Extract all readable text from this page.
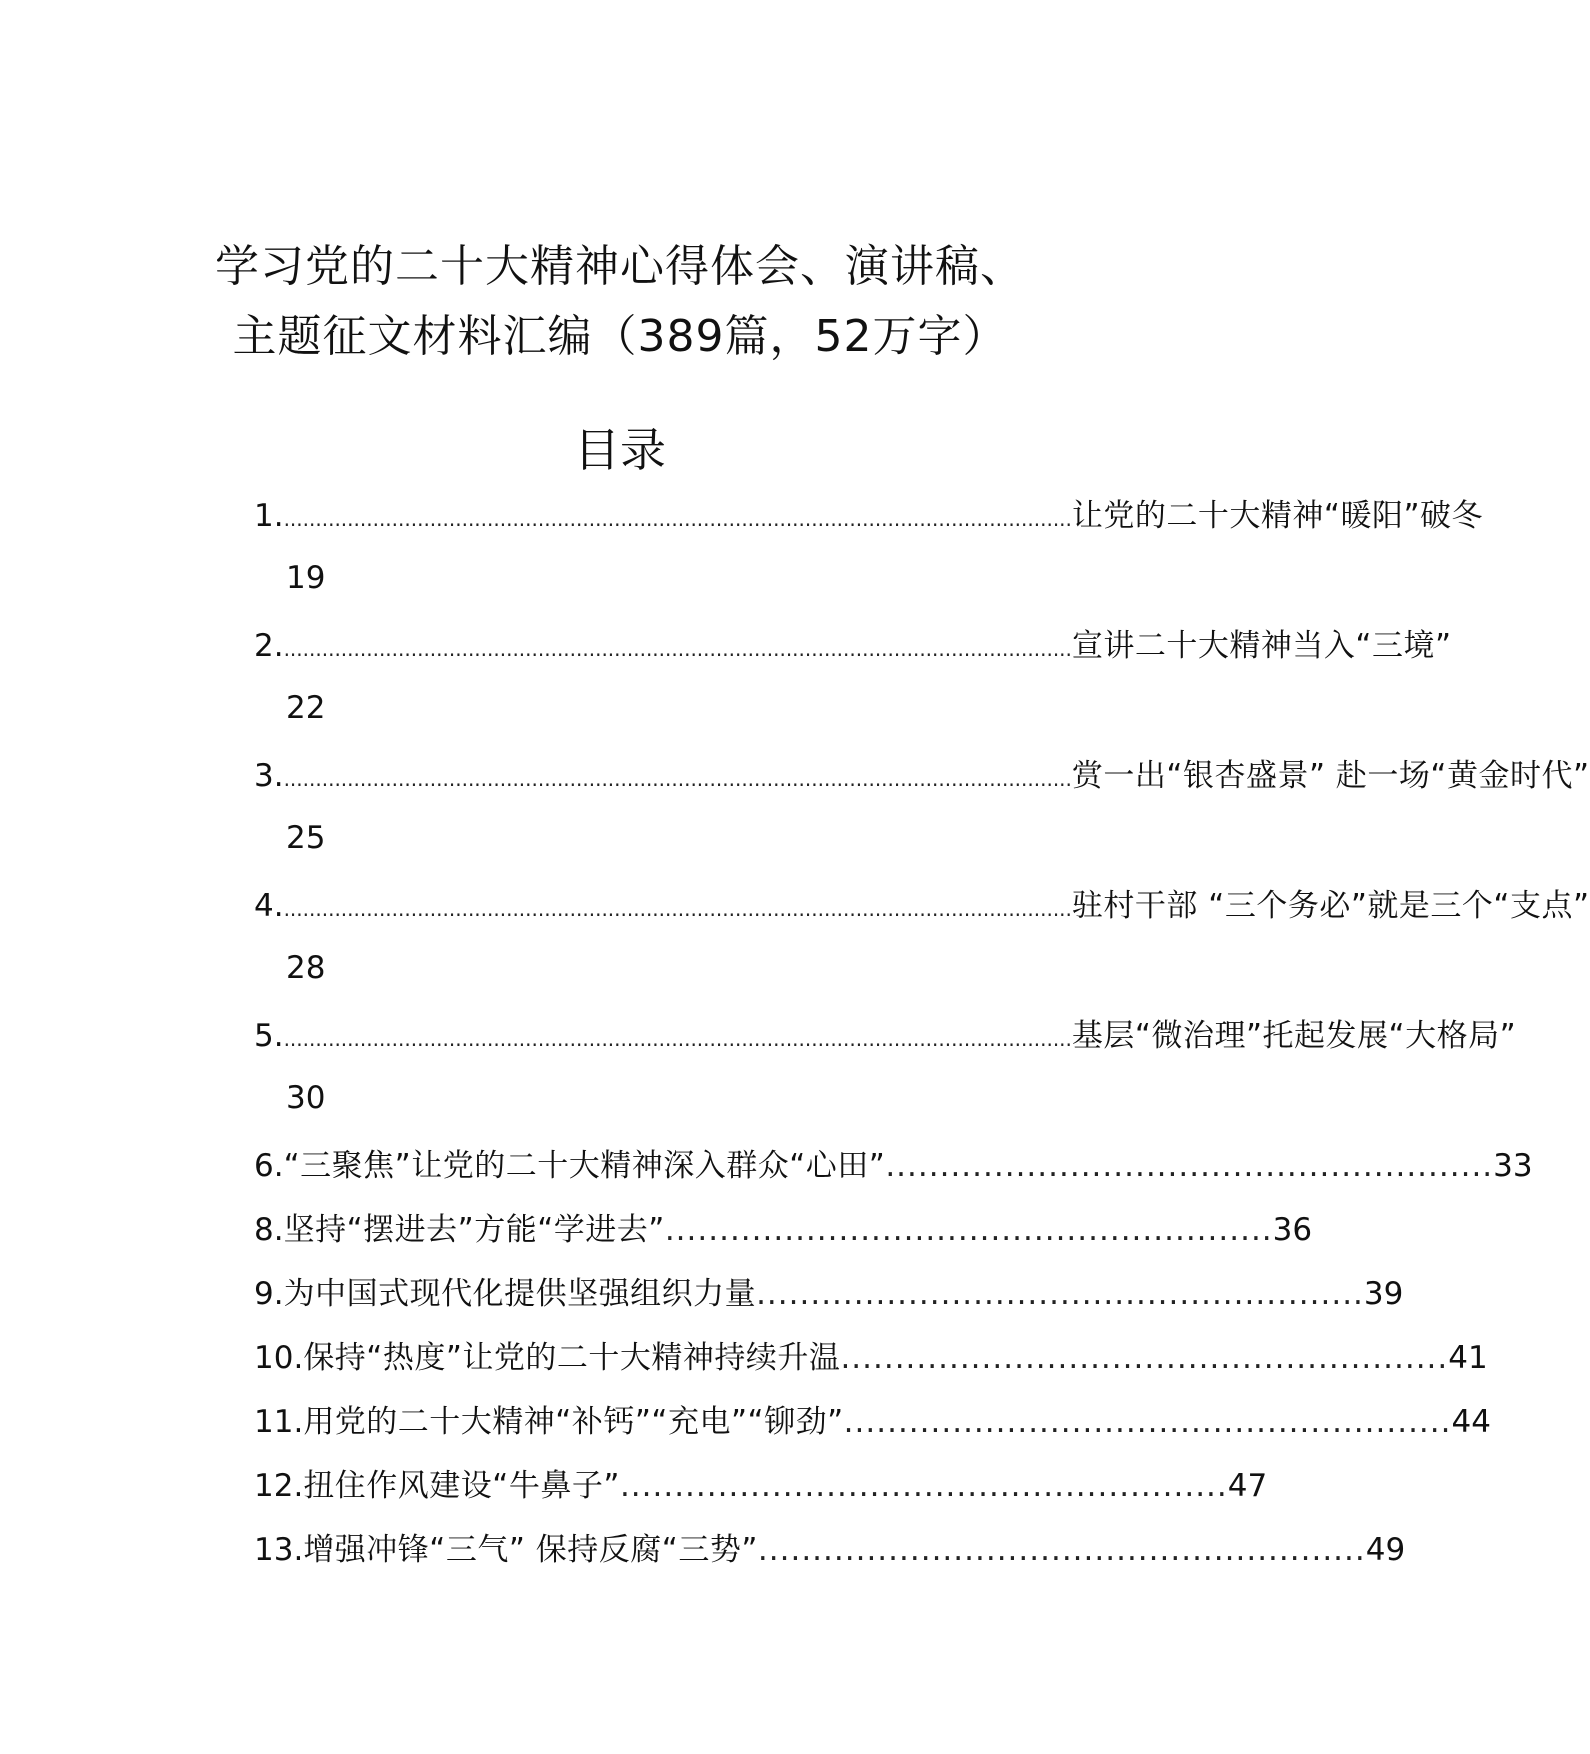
学习党的二十大精神心得体会、演讲稿、
主题征文材料汇编（389篇，52万字）
目录
1. ............................................................................................................................ 让党的二十大精神“暖阳”破冬
19
2. ............................................................................................................................ 宣讲二十大精神当入“三境”
22
3. ............................................................................................................................ 赏一出“银杏盛景” 赴一场“黄金时代”
25
4. ............................................................................................................................ 驻村干部 “三个务必”就是三个“支点”
28
5. ............................................................................................................................ 基层“微治理”托起发展“大格局”
30
6. “三聚焦”让党的二十大精神深入群众“心田” ........................................................ 33
8. 坚持“摆进去”方能“学进去” ........................................................ 36
9. 为中国式现代化提供坚强组织力量 ........................................................ 39
10. 保持“热度”让党的二十大精神持续升温 ........................................................ 41
11. 用党的二十大精神“补钙”“充电”“铆劲” ........................................................ 44
12. 扭住作风建设“牛鼻子” ........................................................ 47
13. 增强冲锋“三气” 保持反腐“三势” ........................................................ 49
